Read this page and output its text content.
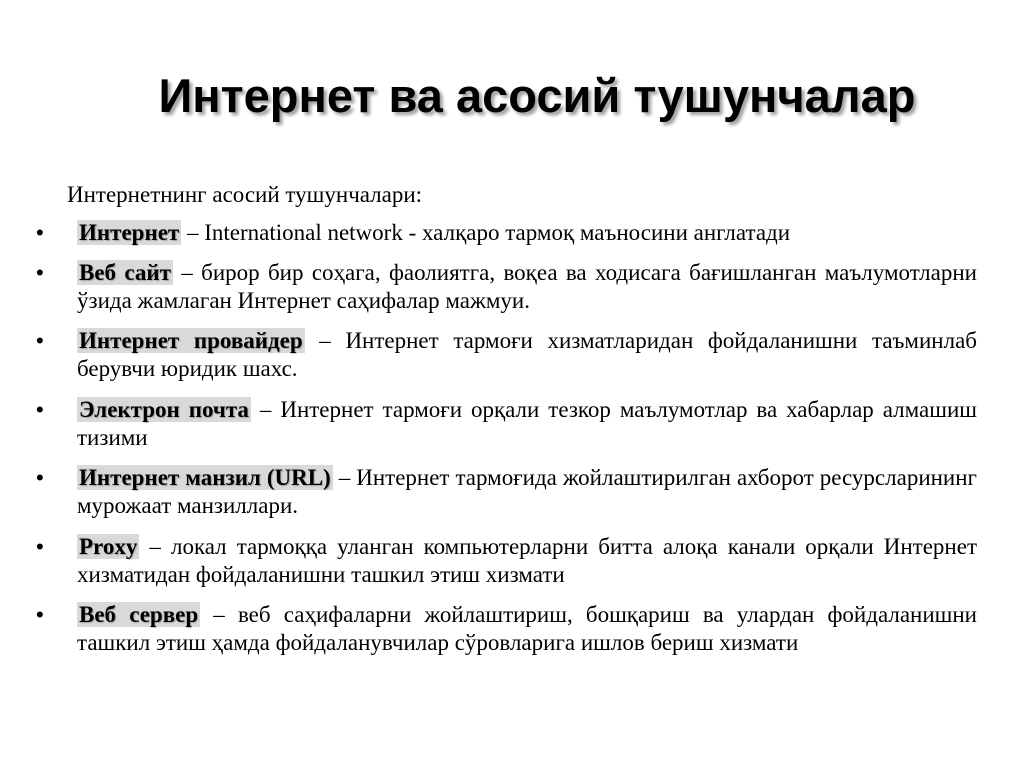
Интернет ва асосий тушунчалар
Интернетнинг асосий тушунчалари:
• Интернет – International network - халқаро тармоқ маъносини англатади
• Веб сайт – бирор бир соҳага, фаолиятга, воқеа ва ходисага бағишланган маълумотларни ўзида жамлаган Интернет саҳифалар мажмуи.
• Интернет провайдер – Интернет тармоғи хизматларидан фойдаланишни таъминлаб берувчи юридик шахс.
• Электрон почта – Интернет тармоғи орқали тезкор маълумотлар ва хабарлар алмашиш тизими
• Интернет манзил (URL) – Интернет тармоғида жойлаштирилган ахборот ресурсларининг мурожаат манзиллари.
• Proxy – локал тармоққа уланган компьютерларни битта алоқа канали орқали Интернет хизматидан фойдаланишни ташкил этиш хизмати
• Веб сервер – веб саҳифаларни жойлаштириш, бошқариш ва улардан фойдаланишни ташкил этиш ҳамда фойдаланувчилар сўровларига ишлов бериш хизмати
